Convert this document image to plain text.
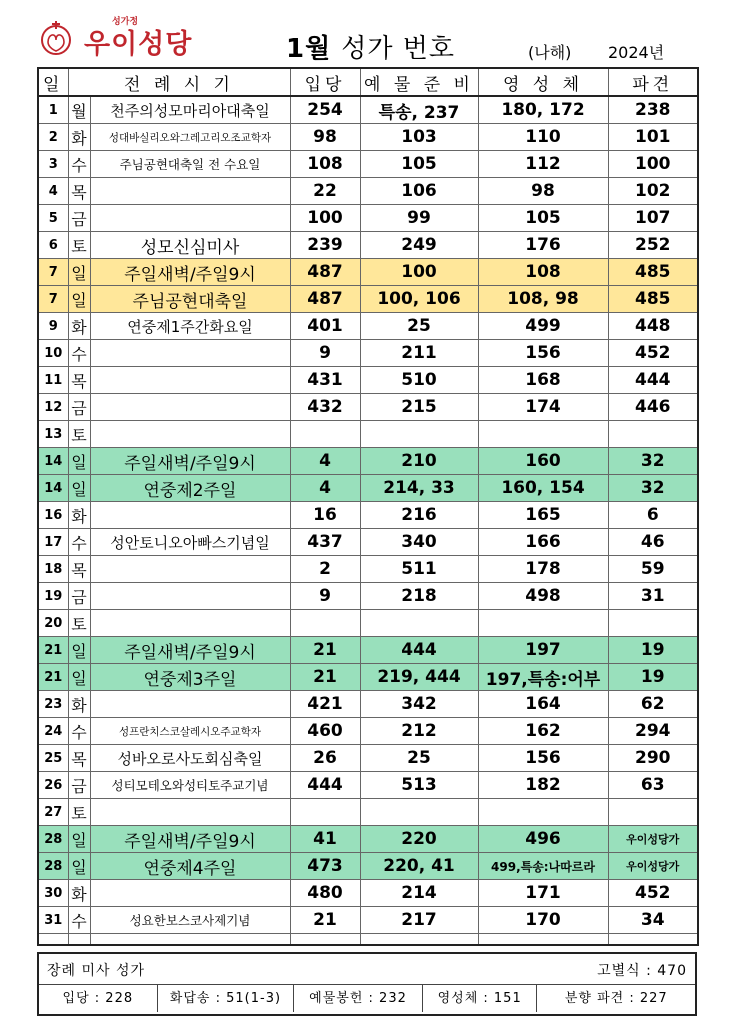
성가정
우이성당	1월 성가 번호	(나해) 2024년
일	전 례 시 기		입당	예 물 준 비	영 성 체	파견
1	월	천주의성모마리아대축일	254	특송, 237	180, 172	238
2	화	성대바실리오와그레고리오조교학자	98	103	110	101
3	수	주님공현대축일 전 수요일	108	105	112	100
4	목		22	106	98	102
5	금		100	99	105	107
6	토	성모신심미사	239	249	176	252
7	일	주일새벽/주일9시	487	100	108	485
7	일	주님공현대축일	487	100, 106	108, 98	485
9	화	연중제1주간화요일	401	25	499	448
10	수		9	211	156	452
11	목		431	510	168	444
12	금		432	215	174	446
13	토					
14	일	주일새벽/주일9시	4	210	160	32
14	일	연중제2주일	4	214, 33	160, 154	32
16	화		16	216	165	6
17	수	성안토니오아빠스기념일	437	340	166	46
18	목		2	511	178	59
19	금		9	218	498	31
20	토					
21	일	주일새벽/주일9시	21	444	197	19
21	일	연중제3주일	21	219, 444	197,특송:어부	19
23	화		421	342	164	62
24	수	성프란치스코살레시오주교학자	460	212	162	294
25	목	성바오로사도회심축일	26	25	156	290
26	금	성티모테오와성티토주교기념	444	513	182	63
27	토					
28	일	주일새벽/주일9시	41	220	496	우이성당가
28	일	연중제4주일	473	220, 41	499,특송:나따르라	우이성당가
30	화		480	214	171	452
31	수	성요한보스코사제기념	21	217	170	34

장례 미사 성가	고별식 : 470
입당 : 228	화답송 : 51(1-3)	예물봉헌 : 232	영성체 : 151	분향 파견 : 227
